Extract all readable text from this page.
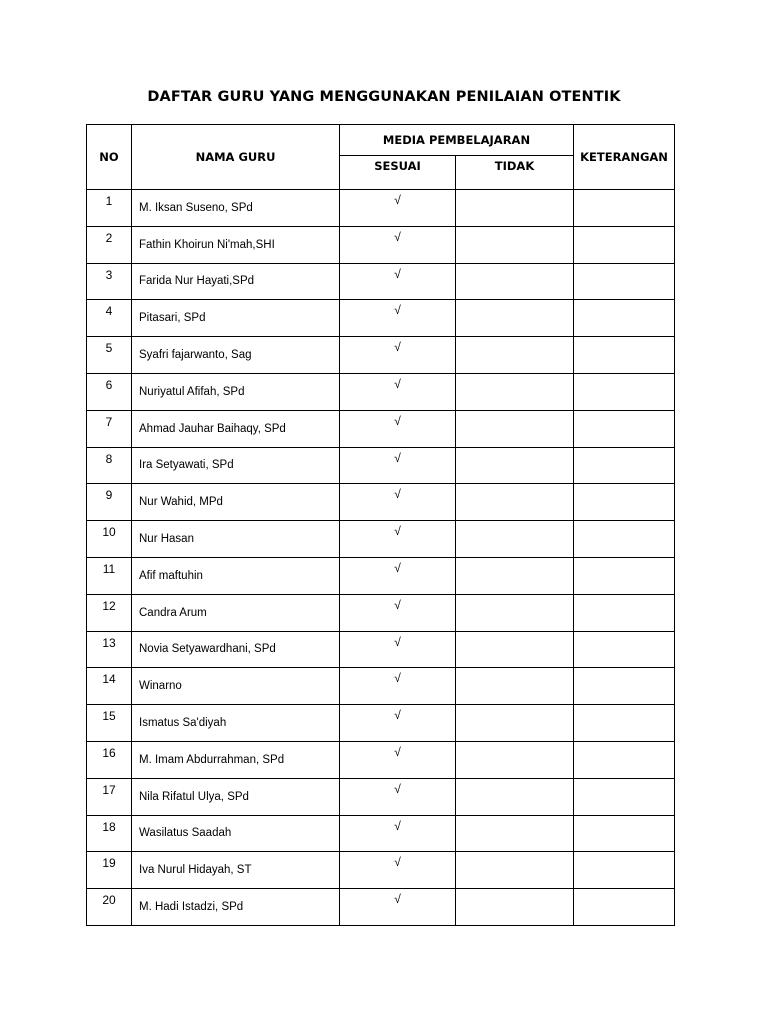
DAFTAR GURU YANG MENGGUNAKAN PENILAIAN OTENTIK
NO	NAMA GURU	MEDIA PEMBELAJARAN		KETERANGAN
		SESUAI	TIDAK	
1	M. Iksan Suseno, SPd	√		
2	Fathin Khoirun Ni'mah,SHI	√		
3	Farida Nur Hayati,SPd	√		
4	Pitasari, SPd	√		
5	Syafri fajarwanto, Sag	√		
6	Nuriyatul Afifah, SPd	√		
7	Ahmad Jauhar Baihaqy, SPd	√		
8	Ira Setyawati, SPd	√		
9	Nur Wahid, MPd	√		
10	Nur Hasan	√		
11	Afif maftuhin	√		
12	Candra Arum	√		
13	Novia Setyawardhani, SPd	√		
14	Winarno	√		
15	Ismatus Sa'diyah	√		
16	M. Imam Abdurrahman, SPd	√		
17	Nila Rifatul Ulya, SPd	√		
18	Wasilatus Saadah	√		
19	Iva Nurul Hidayah, ST	√		
20	M. Hadi Istadzi, SPd	√		
